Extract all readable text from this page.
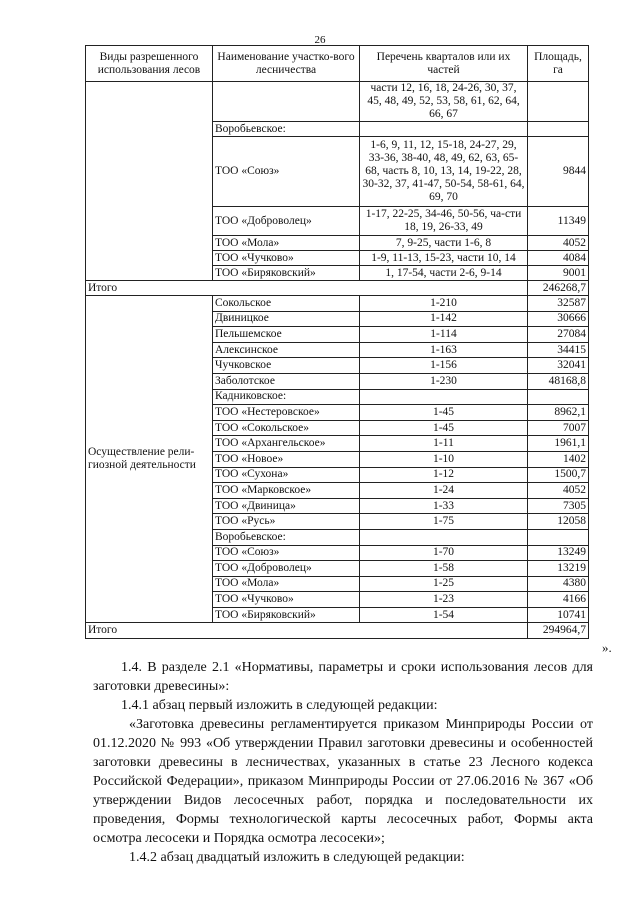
26
Виды разрешенного использования лесов	Наименование участко-вого лесничества	Перечень кварталов или их частей	Площадь, га
		части 12, 16, 18, 24-26, 30, 37, 45, 48, 49, 52, 53, 58, 61, 62, 64, 66, 67	
	Воробьевское:		
	ТОО «Союз»	1-6, 9, 11, 12, 15-18, 24-27, 29, 33-36, 38-40, 48, 49, 62, 63, 65-68, часть 8, 10, 13, 14, 19-22, 28, 30-32, 37, 41-47, 50-54, 58-61, 64, 69, 70	9844
	ТОО «Доброволец»	1-17, 22-25, 34-46, 50-56, ча-сти 18, 19, 26-33, 49	11349
	ТОО «Мола»	7, 9-25, части 1-6, 8	4052
	ТОО «Чучково»	1-9, 11-13, 15-23, части 10, 14	4084
	ТОО «Биряковский»	1, 17-54, части 2-6, 9-14	9001
Итого			246268,7
Осуществление рели-гиозной деятельности	Сокольское	1-210	32587
	Двиницкое	1-142	30666
	Пельшемское	1-114	27084
	Алексинское	1-163	34415
	Чучковское	1-156	32041
	Заболотское	1-230	48168,8
	Кадниковское:		
	ТОО «Нестеровское»	1-45	8962,1
	ТОО «Сокольское»	1-45	7007
	ТОО «Архангельское»	1-11	1961,1
	ТОО «Новое»	1-10	1402
	ТОО «Сухона»	1-12	1500,7
	ТОО «Марковское»	1-24	4052
	ТОО «Двиница»	1-33	7305
	ТОО «Русь»	1-75	12058
	Воробьевское:		
	ТОО «Союз»	1-70	13249
	ТОО «Доброволец»	1-58	13219
	ТОО «Мола»	1-25	4380
	ТОО «Чучково»	1-23	4166
	ТОО «Биряковский»	1-54	10741
Итого			294964,7
».

1.4. В разделе 2.1 «Нормативы, параметры и сроки использования лесов для заготовки древесины»:

1.4.1 абзац первый изложить в следующей редакции:

«Заготовка древесины регламентируется приказом Минприроды России от 01.12.2020 № 993 «Об утверждении Правил заготовки древесины и особенностей заготовки древесины в лесничествах, указанных в статье 23 Лесного кодекса Российской Федерации», приказом Минприроды России от 27.06.2016 № 367 «Об утверждении Видов лесосечных работ, порядка и последовательности их проведения, Формы технологической карты лесосечных работ, Формы акта осмотра лесосеки и Порядка осмотра лесосеки»;

1.4.2 абзац двадцатый изложить в следующей редакции:
